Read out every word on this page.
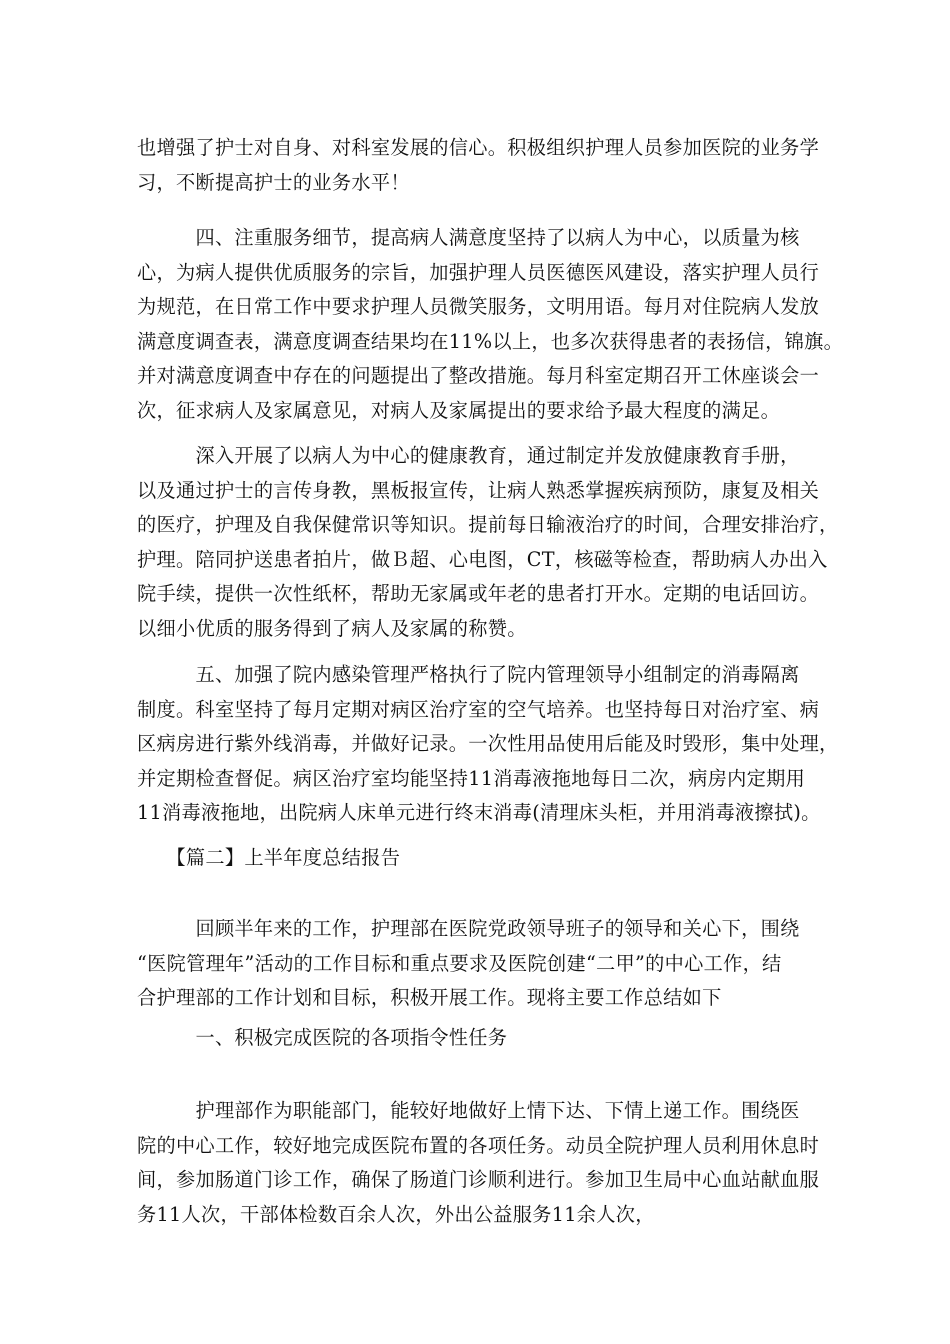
也增强了护士对自身、对科室发展的信心。积极组织护理人员参加医院的业务学
习，不断提高护士的业务水平！
　　　四、注重服务细节，提高病人满意度坚持了以病人为中心，以质量为核
心，为病人提供优质服务的宗旨，加强护理人员医德医风建设，落实护理人员行
为规范，在日常工作中要求护理人员微笑服务，文明用语。每月对住院病人发放
满意度调查表，满意度调查结果均在11%以上，也多次获得患者的表扬信，锦旗。
并对满意度调查中存在的问题提出了整改措施。每月科室定期召开工休座谈会一
次，征求病人及家属意见，对病人及家属提出的要求给予最大程度的满足。
　　　深入开展了以病人为中心的健康教育，通过制定并发放健康教育手册，
以及通过护士的言传身教，黑板报宣传，让病人熟悉掌握疾病预防，康复及相关
的医疗，护理及自我保健常识等知识。提前每日输液治疗的时间，合理安排治疗，
护理。陪同护送患者拍片，做Ｂ超、心电图，CT，核磁等检查，帮助病人办出入
院手续，提供一次性纸杯，帮助无家属或年老的患者打开水。定期的电话回访。
以细小优质的服务得到了病人及家属的称赞。
　　　五、加强了院内感染管理严格执行了院内管理领导小组制定的消毒隔离
制度。科室坚持了每月定期对病区治疗室的空气培养。也坚持每日对治疗室、病
区病房进行紫外线消毒，并做好记录。一次性用品使用后能及时毁形，集中处理，
并定期检查督促。病区治疗室均能坚持11消毒液拖地每日二次，病房内定期用
11消毒液拖地，出院病人床单元进行终末消毒(清理床头柜，并用消毒液擦拭)。
　　【篇二】上半年度总结报告
　　　回顾半年来的工作，护理部在医院党政领导班子的领导和关心下，围绕
“医院管理年”活动的工作目标和重点要求及医院创建“二甲”的中心工作，结
合护理部的工作计划和目标，积极开展工作。现将主要工作总结如下
　　　一、积极完成医院的各项指令性任务
　　　护理部作为职能部门，能较好地做好上情下达、下情上递工作。围绕医
院的中心工作，较好地完成医院布置的各项任务。动员全院护理人员利用休息时
间，参加肠道门诊工作，确保了肠道门诊顺利进行。参加卫生局中心血站献血服
务11人次，干部体检数百余人次，外出公益服务11余人次，
